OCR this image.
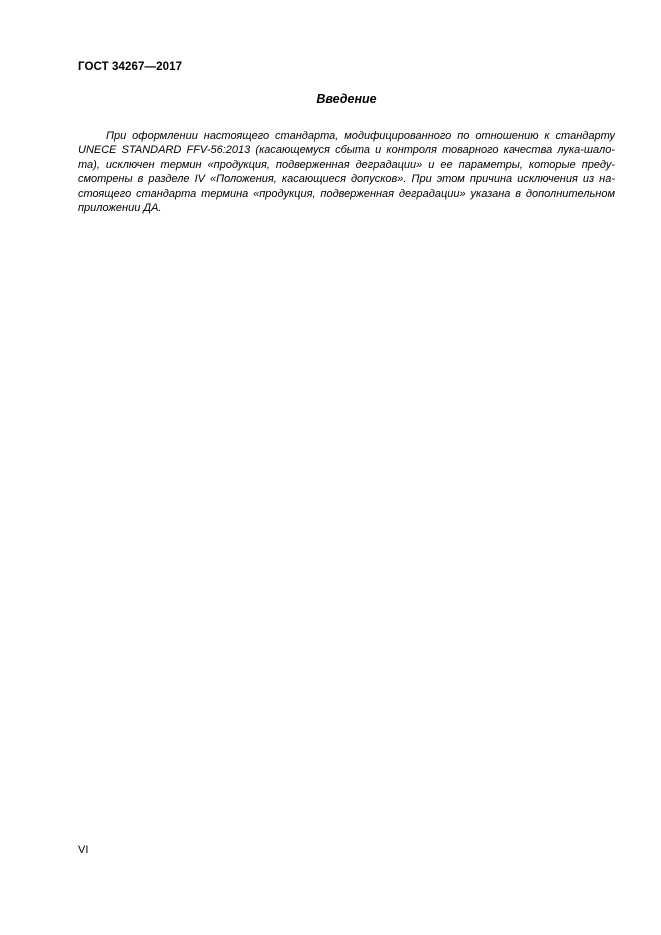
ГОСТ 34267—2017
Введение
При оформлении настоящего стандарта, модифицированного по отношению к стандарту
UNECE STANDARD FFV-56:2013 (касающемуся сбыта и контроля товарного качества лука-шало-
та), исключен термин «продукция, подверженная деградации» и ее параметры, которые преду-
смотрены в разделе IV «Положения, касающиеся допусков». При этом причина исключения из на-
стоящего стандарта термина «продукция, подверженная деградации» указана в дополнительном
приложении ДА.
VI
